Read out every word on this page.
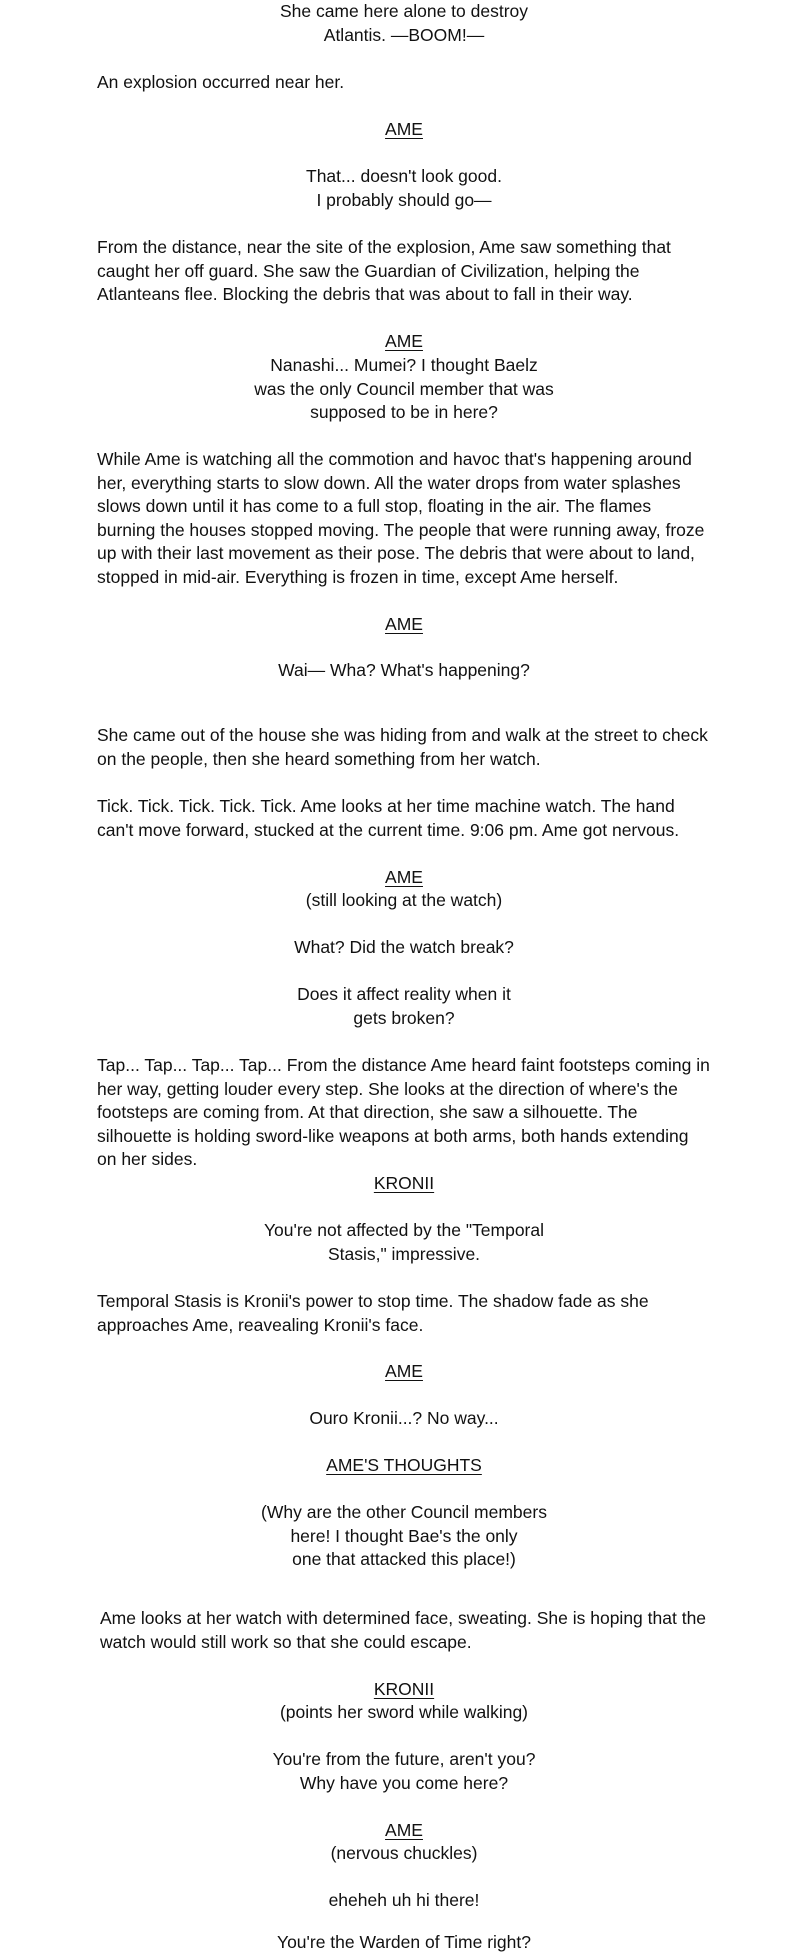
She came here alone to destroy
Atlantis. —BOOM!—

An explosion occurred near her.

AME

That... doesn't look good.
I probably should go—

From the distance, near the site of the explosion, Ame saw something that caught her off guard. She saw the Guardian of Civilization, helping the Atlanteans flee. Blocking the debris that was about to fall in their way.

AME

Nanashi... Mumei? I thought Baelz
was the only Council member that was
supposed to be in here?

While Ame is watching all the commotion and havoc that's happening around her, everything starts to slow down. All the water drops from water splashes slows down until it has come to a full stop, floating in the air. The flames burning the houses stopped moving. The people that were running away, froze up with their last movement as their pose. The debris that were about to land, stopped in mid-air. Everything is frozen in time, except Ame herself.

AME

Wai— Wha? What's happening?

She came out of the house she was hiding from and walk at the street to check on the people, then she heard something from her watch.

Tick. Tick. Tick. Tick. Tick. Ame looks at her time machine watch. The hand can't move forward, stucked at the current time. 9:06 pm. Ame got nervous.

AME

(still looking at the watch)

What? Did the watch break?

Does it affect reality when it
gets broken?

Tap... Tap... Tap... Tap... From the distance Ame heard faint footsteps coming in her way, getting louder every step. She looks at the direction of where's the footsteps are coming from. At that direction, she saw a silhouette. The silhouette is holding sword-like weapons at both arms, both hands extending on her sides.

KRONII

You're not affected by the "Temporal
Stasis," impressive.

Temporal Stasis is Kronii's power to stop time. The shadow fade as she approaches Ame, reavealing Kronii's face.

AME

Ouro Kronii...? No way...

AME'S THOUGHTS

(Why are the other Council members
here! I thought Bae's the only
one that attacked this place!)

Ame looks at her watch with determined face, sweating. She is hoping that the watch would still work so that she could escape.

KRONII

(points her sword while walking)

You're from the future, aren't you?
Why have you come here?

AME

(nervous chuckles)

eheheh uh hi there!

You're the Warden of Time right?
